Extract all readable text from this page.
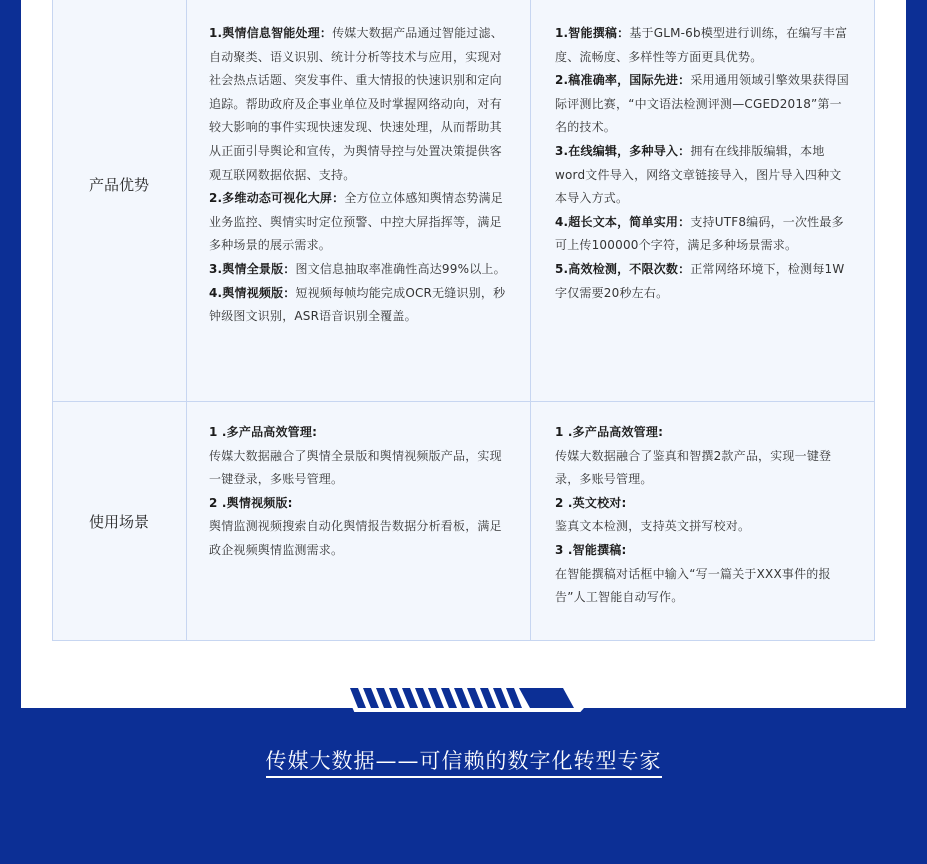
产品优势

1.舆情信息智能处理：传媒大数据产品通过智能过滤、自动聚类、语义识别、统计分析等技术与应用，实现对社会热点话题、突发事件、重大情报的快速识别和定向追踪。帮助政府及企事业单位及时掌握网络动向，对有较大影响的事件实现快速发现、快速处理，从而帮助其从正面引导舆论和宣传，为舆情导控与处置决策提供客观互联网数据依据、支持。

2.多维动态可视化大屏：全方位立体感知舆情态势满足业务监控、舆情实时定位预警、中控大屏指挥等，满足多种场景的展示需求。

3.舆情全景版：图文信息抽取率准确性高达99%以上。

4.舆情视频版：短视频每帧均能完成OCR无缝识别，秒钟级图文识别，ASR语音识别全覆盖。

1.智能撰稿：基于GLM-6b模型进行训练，在编写丰富度、流畅度、多样性等方面更具优势。

2.稿准确率，国际先进：采用通用领域引擎效果获得国际评测比赛，“中文语法检测评测—CGED2018”第一名的技术。

3.在线编辑，多种导入：拥有在线排版编辑，本地word文件导入，网络文章链接导入，图片导入四种文本导入方式。

4.超长文本，简单实用：支持UTF8编码，一次性最多可上传100000个字符，满足多种场景需求。

5.高效检测，不限次数：正常网络环境下，检测每1W字仅需要20秒左右。

使用场景

1 .多产品高效管理:

传媒大数据融合了舆情全景版和舆情视频版产品，实现一键登录，多账号管理。

2 .舆情视频版:

舆情监测视频搜索自动化舆情报告数据分析看板，满足政企视频舆情监测需求。

1 .多产品高效管理:

传媒大数据融合了鉴真和智撰2款产品，实现一键登录，多账号管理。

2 .英文校对:

鉴真文本检测，支持英文拼写校对。

3 .智能撰稿:

在智能撰稿对话框中输入“写一篇关于XXX事件的报告”人工智能自动写作。

传媒大数据——可信赖的数字化转型专家
